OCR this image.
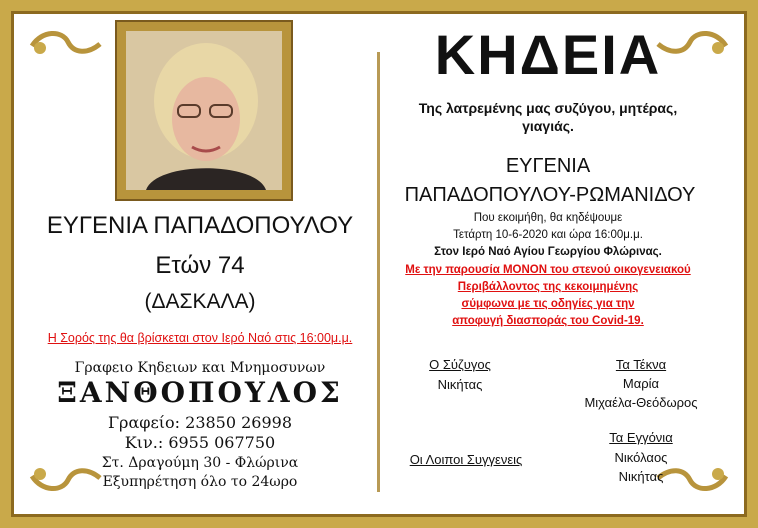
ΕΥΓΕΝΙΑ ΠΑΠΑΔΟΠΟΥΛΟΥ
Ετών 74
(ΔΑΣΚΑΛΑ)
Η Σορός της θα βρίσκεται στον Ιερό Ναό στις 16:00μ.μ.
Γραφειο Κηδειων και Μνημοσυνων
ΞΑΝΘΟΠΟΥΛΟΣ
Γραφείο: 23850 26998
Κιν.: 6955 067750
Στ. Δραγούμη 30 - Φλώρινα
Εξυπηρέτηση όλο το 24ωρο
ΚΗΔΕΙΑ
Της λατρεμένης μας συζύγου, μητέρας,
γιαγιάς.
ΕΥΓΕΝΙΑ
ΠΑΠΑΔΟΠΟΥΛΟΥ-ΡΩΜΑΝΙΔΟΥ
Που εκοιμήθη, θα κηδέψουμε
Τετάρτη 10-6-2020 και ώρα 16:00μ.μ.
Στον Ιερό Ναό Αγίου Γεωργίου Φλώρινας.
Με την παρουσία ΜΟΝΟΝ του στενού οικογενειακού
Περιβάλλοντος της κεκοιμημένης
σύμφωνα με τις οδηγίες για την
αποφυγή διασποράς του Covid-19.
Ο Σύζυγος
Νικήτας
Τα Τέκνα
Μαρία
Μιχαέλα-Θεόδωρος
Οι Λοιποι Συγγενεις
Τα Εγγόνια
Νικόλαος
Νικήτας
